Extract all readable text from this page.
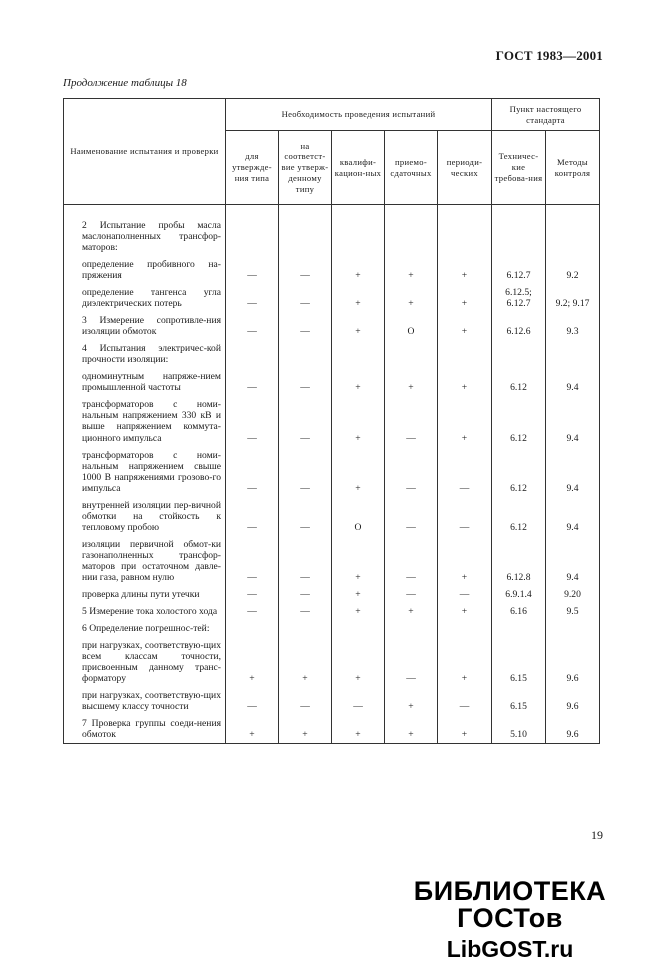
ГОСТ 1983—2001
Продолжение таблицы 18
Наименование испытания и проверки	Необходимость проведения испытаний					Пункт настоящего стандарта	
	для утвержде-ния типа	на соответст-вие утверж-денному типу	квалифи-кацион-ных	приемо-сдаточных	периоди-ческих	Техничес-кие требова-ния	Методы контроля

2 Испытание пробы масла маслонаполненных трансфор-маторов:							
определение пробивного на-пряжения	—	—	+	+	+	6.12.7	9.2
определение тангенса угла диэлектрических потерь	—	—	+	+	+	6.12.5; 6.12.7	9.2; 9.17
3 Измерение сопротивле-ния изоляции обмоток	—	—	+	О	+	6.12.6	9.3
4 Испытания электричес-кой прочности изоляции:							
одноминутным напряже-нием промышленной частоты	—	—	+	+	+	6.12	9.4
трансформаторов с номи-нальным напряжением 330 кВ и выше напряжением коммута-ционного импульса	—	—	+	—	+	6.12	9.4
трансформаторов с номи-нальным напряжением свыше 1000 В напряжениями грозово-го импульса	—	—	+	—	—	6.12	9.4
внутренней изоляции пер-вичной обмотки на стойкость к тепловому пробою	—	—	О	—	—	6.12	9.4
изоляции первичной обмот-ки газонаполненных трансфор-маторов при остаточном давле-нии газа, равном нулю	—	—	+	—	+	6.12.8	9.4
проверка длины пути утечки	—	—	+	—	—	6.9.1.4	9.20
5 Измерение тока холостого хода	—	—	+	+	+	6.16	9.5
6 Определение погрешнос-тей:							
при нагрузках, соответствую-щих всем классам точности, присвоенным данному транс-форматору	+	+	+	—	+	6.15	9.6
при нагрузках, соответствую-щих высшему классу точности	—	—	—	+	—	6.15	9.6
7 Проверка группы соеди-нения обмоток	+	+	+	+	+	5.10	9.6
19
БИБЛИОТЕКА ГОСТов
LibGOST.ru
